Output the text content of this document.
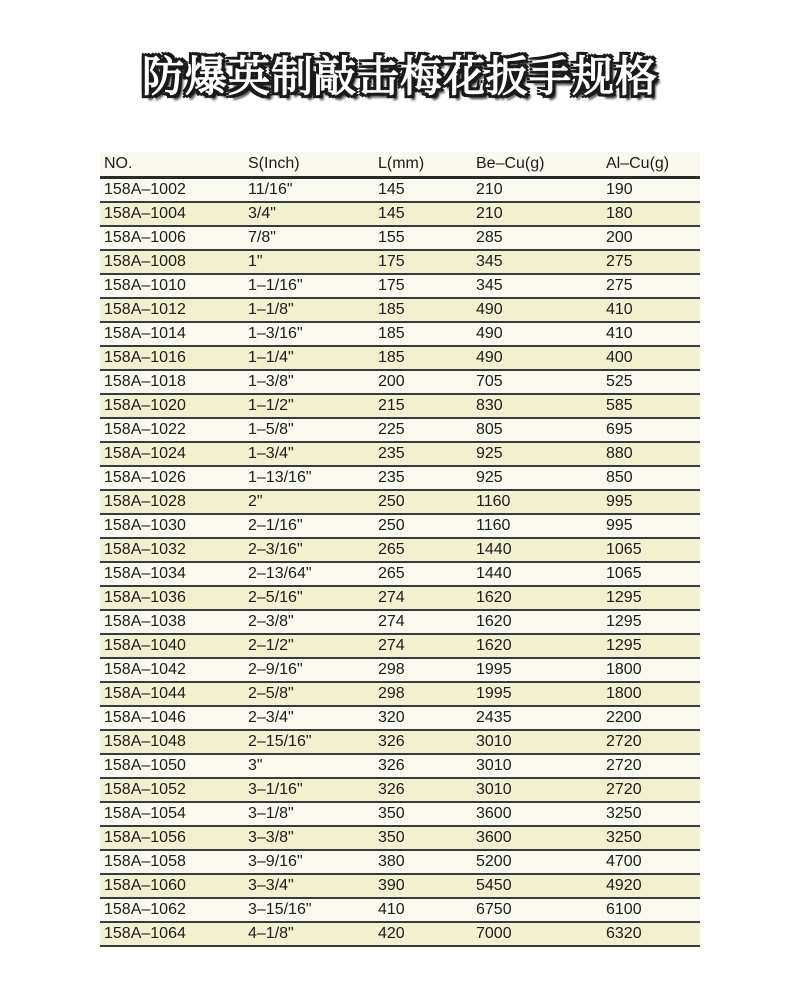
防爆英制敲击梅花扳手规格
NO.	S(Inch)	L(mm)	Be–Cu(g)	Al–Cu(g)
158A–1002	11/16"	145	210	190
158A–1004	3/4"	145	210	180
158A–1006	7/8"	155	285	200
158A–1008	1"	175	345	275
158A–1010	1–1/16"	175	345	275
158A–1012	1–1/8"	185	490	410
158A–1014	1–3/16"	185	490	410
158A–1016	1–1/4"	185	490	400
158A–1018	1–3/8"	200	705	525
158A–1020	1–1/2"	215	830	585
158A–1022	1–5/8"	225	805	695
158A–1024	1–3/4"	235	925	880
158A–1026	1–13/16"	235	925	850
158A–1028	2"	250	1160	995
158A–1030	2–1/16"	250	1160	995
158A–1032	2–3/16"	265	1440	1065
158A–1034	2–13/64"	265	1440	1065
158A–1036	2–5/16"	274	1620	1295
158A–1038	2–3/8"	274	1620	1295
158A–1040	2–1/2"	274	1620	1295
158A–1042	2–9/16"	298	1995	1800
158A–1044	2–5/8"	298	1995	1800
158A–1046	2–3/4"	320	2435	2200
158A–1048	2–15/16"	326	3010	2720
158A–1050	3"	326	3010	2720
158A–1052	3–1/16"	326	3010	2720
158A–1054	3–1/8"	350	3600	3250
158A–1056	3–3/8"	350	3600	3250
158A–1058	3–9/16"	380	5200	4700
158A–1060	3–3/4"	390	5450	4920
158A–1062	3–15/16"	410	6750	6100
158A–1064	4–1/8"	420	7000	6320
